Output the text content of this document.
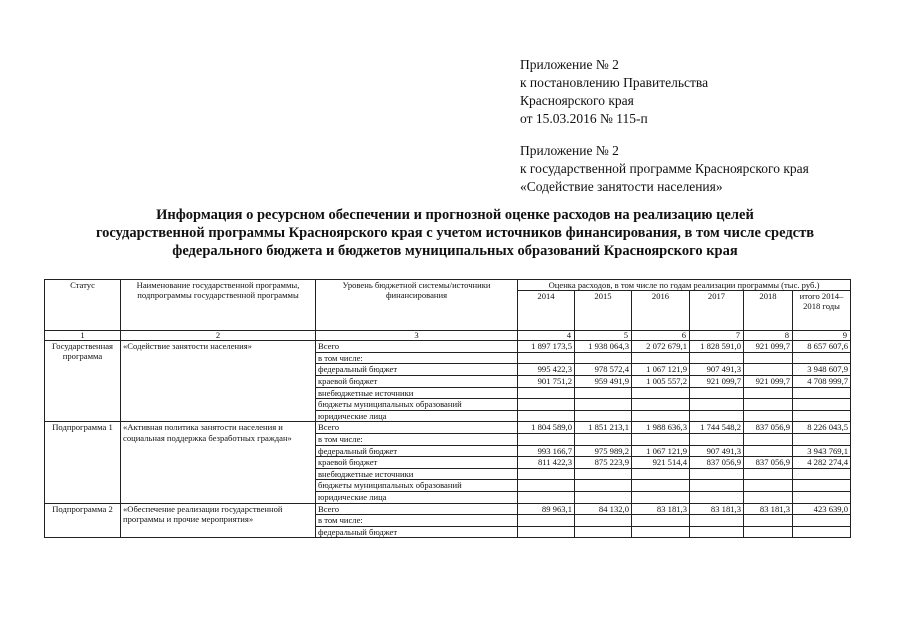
Приложение № 2
к постановлению Правительства
Красноярского края
от 15.03.2016 № 115-п
Приложение № 2
к государственной программе Красноярского края
«Содействие занятости населения»
Информация о ресурсном обеспечении и прогнозной оценке расходов на реализацию целей
государственной программы Красноярского края с учетом источников финансирования, в том числе средств
федерального бюджета и бюджетов муниципальных образований Красноярского края
Статус	Наименование государственной программы, подпрограммы государственной программы	Уровень бюджетной системы/источники финансирования	Оценка расходов, в том числе по годам реализации программы (тыс. руб.)					
			2014	2015	2016	2017	2018	итого 2014–2018 годы
1	2	3	4	5	6	7	8	9
Государственная программа	«Содействие занятости населения»	Всего	1 897 173,5	1 938 064,3	2 072 679,1	1 828 591,0	921 099,7	8 657 607,6
		в том числе:						
		федеральный бюджет	995 422,3	978 572,4	1 067 121,9	907 491,3		3 948 607,9
		краевой бюджет	901 751,2	959 491,9	1 005 557,2	921 099,7	921 099,7	4 708 999,7
		внебюджетные источники						
		бюджеты муниципальных образований						
		юридические лица						
Подпрограмма 1	«Активная политика занятости населения и социальная поддержка безработных граждан»	Всего	1 804 589,0	1 851 213,1	1 988 636,3	1 744 548,2	837 056,9	8 226 043,5
		в том числе:						
		федеральный бюджет	993 166,7	975 989,2	1 067 121,9	907 491,3		3 943 769,1
		краевой бюджет	811 422,3	875 223,9	921 514,4	837 056,9	837 056,9	4 282 274,4
		внебюджетные источники						
		бюджеты муниципальных образований						
		юридические лица						
Подпрограмма 2	«Обеспечение реализации государственной программы и прочие мероприятия»	Всего	89 963,1	84 132,0	83 181,3	83 181,3	83 181,3	423 639,0
		в том числе:						
		федеральный бюджет						
